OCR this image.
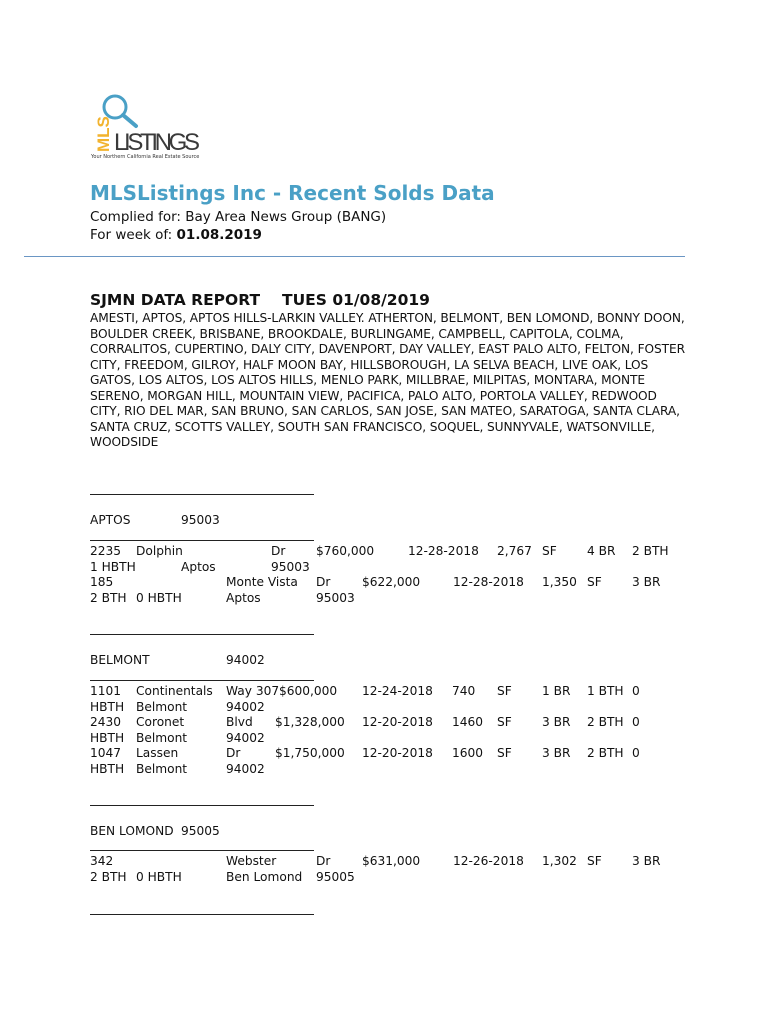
MLS LISTINGS
Your Northern California Real Estate Source
MLSListings Inc - Recent Solds Data
Complied for: Bay Area News Group (BANG)
For week of: 01.08.2019
SJMN DATA REPORT TUES 01/08/2019
AMESTI, APTOS, APTOS HILLS-LARKIN VALLEY. ATHERTON, BELMONT, BEN LOMOND, BONNY DOON, BOULDER CREEK, BRISBANE, BROOKDALE, BURLINGAME, CAMPBELL, CAPITOLA, COLMA, CORRALITOS, CUPERTINO, DALY CITY, DAVENPORT, DAY VALLEY, EAST PALO ALTO, FELTON, FOSTER CITY, FREEDOM, GILROY, HALF MOON BAY, HILLSBOROUGH, LA SELVA BEACH, LIVE OAK, LOS GATOS, LOS ALTOS, LOS ALTOS HILLS, MENLO PARK, MILLBRAE, MILPITAS, MONTARA, MONTE SERENO, MORGAN HILL, MOUNTAIN VIEW, PACIFICA, PALO ALTO, PORTOLA VALLEY, REDWOOD CITY, RIO DEL MAR, SAN BRUNO, SAN CARLOS, SAN JOSE, SAN MATEO, SARATOGA, SANTA CLARA, SANTA CRUZ, SCOTTS VALLEY, SOUTH SAN FRANCISCO, SOQUEL, SUNNYVALE, WATSONVILLE, WOODSIDE
APTOS	95003
2235 Dolphin	Dr	$760,000	12-28-2018 2,767 SF 4 BR 2 BTH
1 HBTH	Aptos	95003
185	Monte Vista Dr	$622,000	12-28-2018 1,350 SF 3 BR
2 BTH 0 HBTH	Aptos	95003
BELMONT	94002
1101 Continentals Way 307 $600,000 12-24-2018 740 SF 1 BR 1 BTH 0
HBTH Belmont	94002
2430 Coronet	Blvd $1,328,000 12-20-2018 1460 SF 3 BR 2 BTH 0
HBTH Belmont	94002
1047 Lassen	Dr	$1,750,000 12-20-2018 1600 SF 3 BR 2 BTH 0
HBTH Belmont	94002
BEN LOMOND 95005
342	Webster	Dr	$631,000	12-26-2018 1,302 SF 3 BR
2 BTH 0 HBTH	Ben Lomond 95005
